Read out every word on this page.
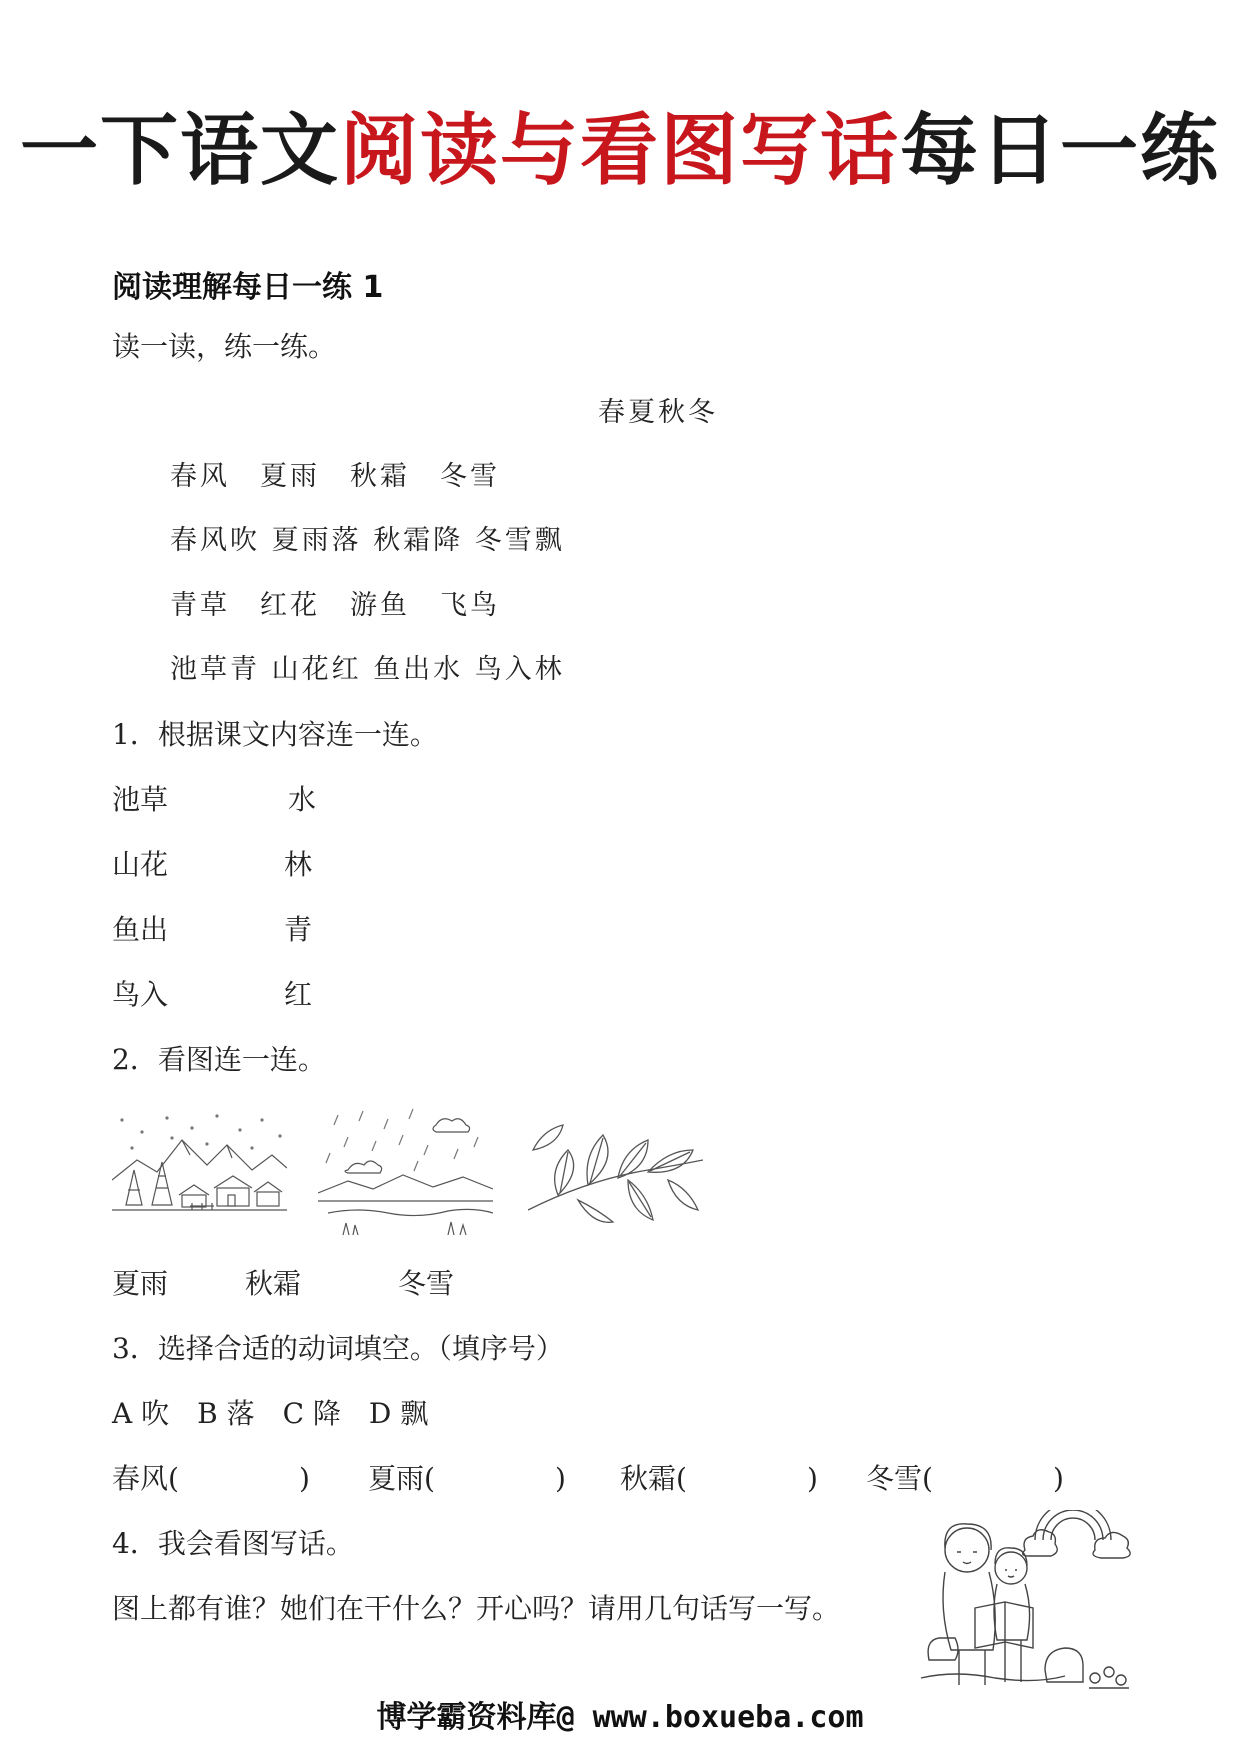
一下语文阅读与看图写话每日一练
阅读理解每日一练 1
读一读，练一练。
春夏秋冬
春风　 夏雨　 秋霜　 冬雪
春风吹 夏雨落 秋霜降 冬雪飘
青草　 红花　 游鱼　 飞鸟
池草青 山花红 鱼出水 鸟入林
1．根据课文内容连一连。
池草	水
山花	林
鱼出	青
鸟入	红
2．看图连一连。
夏雨	秋霜	冬雪
3．选择合适的动词填空。（填序号）
A 吹　B 落　C 降　D 飘
春风(	) 夏雨(	) 秋霜(	) 冬雪(	)
4．我会看图写话。
图上都有谁？她们在干什么？开心吗？请用几句话写一写。
博学霸资料库@ www.boxueba.com
